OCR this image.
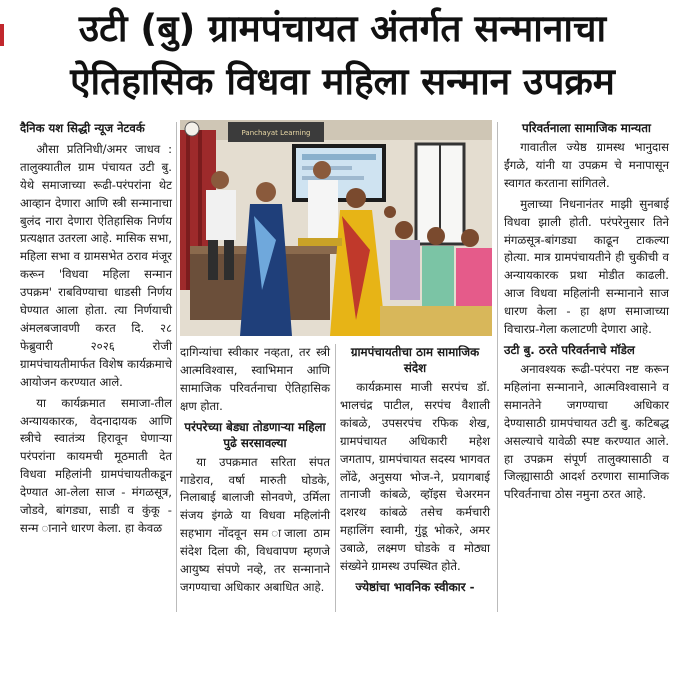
उटी (बु) ग्रामपंचायत अंतर्गत सन्मानाचा
ऐतिहासिक विधवा महिला सन्मान उपक्रम

दैनिक यश सिद्धी न्यूज नेटवर्क

औसा प्रतिनिधी/अमर जाधव : तालुक्यातील ग्राम पंचायत उटी बु. येथे समाजाच्या रूढी-परंपरांना थेट आव्हान देणारा आणि स्त्री सन्मानाचा बुलंद नारा देणारा ऐतिहासिक निर्णय प्रत्यक्षात उतरला आहे. मासिक सभा, महिला सभा व ग्रामसभेत ठराव मंजूर करून 'विधवा महिला सन्मान उपक्रम' राबविण्याचा धाडसी निर्णय घेण्यात आला होता. त्या निर्णयाची अंमलबजावणी करत दि. २८ फेब्रुवारी २०२६ रोजी ग्रामपंचायतीमार्फत विशेष कार्यक्रमाचे आयोजन करण्यात आले.

या कार्यक्रमात समाजा-तील अन्यायकारक, वेदनादायक आणि स्त्रीचे स्वातंत्र्य हिरावून घेणाऱ्या परंपरांना कायमची मूठमाती देत विधवा महिलांनी ग्रामपंचायतीकडून देण्यात आ-लेला साज - मंगळसूत्र, जोडवे, बांगड्या, साडी व कुंकू - सन्म ानाने धारण केला. हा केवळ

Panchayat Learning

दागिन्यांचा स्वीकार नव्हता, तर स्त्री आत्मविश्वास, स्वाभिमान आणि सामाजिक परिवर्तनाचा ऐतिहासिक क्षण होता.

परंपरेच्या बेड्या तोडणाऱ्या महिला पुढे सरसावल्या

या उपक्रमात सरिता संपत गाडेराव, वर्षा मारुती घोडके, निलाबाई बालाजी सोनवणे, उर्मिला संजय इंगळे या विधवा महिलांनी सहभाग नोंदवून सम ाजाला ठाम संदेश दिला की, विधवापण म्हणजे आयुष्य संपणे नव्हे, तर सन्मानाने जगण्याचा अधिकार अबाधित आहे.

ग्रामपंचायतीचा ठाम सामाजिक संदेश

कार्यक्रमास माजी सरपंच डॉ. भालचंद्र पाटील, सरपंच वैशाली कांबळे, उपसरपंच रफिक शेख, ग्रामपंचायत अधिकारी महेश जगताप, ग्रामपंचायत सदस्य भागवत लोंढे, अनुसया भोज-ने, प्रयागबाई तानाजी कांबळे, व्हॉइस चेअरमन दशरथ कांबळे तसेच कर्मचारी महालिंग स्वामी, गुंडू भोकरे, अमर उबाळे, लक्ष्मण घोडके व मोठ्या संख्येने ग्रामस्थ उपस्थित होते.

ज्येष्ठांचा भावनिक स्वीकार -

परिवर्तनाला सामाजिक मान्यता

गावातील ज्येष्ठ ग्रामस्थ भानुदास ईंगळे, यांनी या उपक्रम चे मनापासून स्वागत करताना सांगितले.

मुलाच्या निधनानंतर माझी सुनबाई विधवा झाली होती. परंपरेनुसार तिने मंगळसूत्र-बांगड्या काढून टाकल्या होत्या. मात्र ग्रामपंचायतीने ही चुकीची व अन्यायकारक प्रथा मोडीत काढली. आज विधवा महिलांनी सन्मानाने साज धारण केला - हा क्षण समाजाच्या विचारप्र-गेला कलाटणी देणारा आहे.

उटी बु. ठरते परिवर्तनाचे मॉडेल

अनावश्यक रूढी-परंपरा नष्ट करून महिलांना सन्मानाने, आत्मविश्वासाने व समानतेने जगण्याचा अधिकार देण्यासाठी ग्रामपंचायत उटी बु. कटिबद्ध असल्याचे यावेळी स्पष्ट करण्यात आले. हा उपक्रम संपूर्ण तालुक्यासाठी व जिल्ह्यासाठी आदर्श ठरणारा सामाजिक परिवर्तनाचा ठोस नमुना ठरत आहे.
